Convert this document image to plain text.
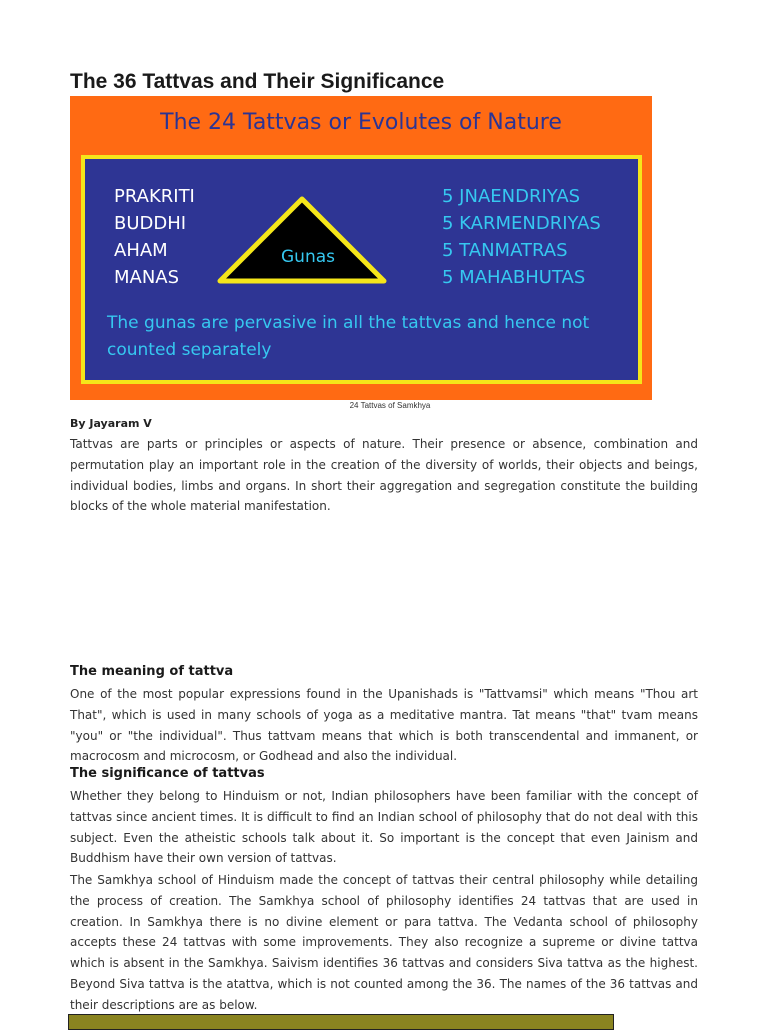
The 36 Tattvas and Their Significance
The 24 Tattvas or Evolutes of Nature
PRAKRITI
BUDDHI
AHAM
MANAS
Gunas
5 JNAENDRIYAS
5 KARMENDRIYAS
5 TANMATRAS
5 MAHABHUTAS
The gunas are pervasive in all the tattvas and hence not counted separately
24 Tattvas of Samkhya
By Jayaram V

Tattvas are parts or principles or aspects of nature. Their presence or absence, combination and permutation play an important role in the creation of the diversity of worlds, their objects and beings, individual bodies, limbs and organs. In short their aggregation and segregation constitute the building blocks of the whole material manifestation.

The meaning of tattva

One of the most popular expressions found in the Upanishads is "Tattvamsi" which means "Thou art That", which is used in many schools of yoga as a meditative mantra. Tat means "that" tvam means "you" or "the individual". Thus tattvam means that which is both transcendental and immanent, or macrocosm and microcosm, or Godhead and also the individual.

The significance of tattvas

Whether they belong to Hinduism or not, Indian philosophers have been familiar with the concept of tattvas since ancient times. It is difficult to find an Indian school of philosophy that do not deal with this subject. Even the atheistic schools talk about it. So important is the concept that even Jainism and Buddhism have their own version of tattvas.

The Samkhya school of Hinduism made the concept of tattvas their central philosophy while detailing the process of creation. The Samkhya school of philosophy identifies 24 tattvas that are used in creation. In Samkhya there is no divine element or para tattva. The Vedanta school of philosophy accepts these 24 tattvas with some improvements. They also recognize a supreme or divine tattva which is absent in the Samkhya. Saivism identifies 36 tattvas and considers Siva tattva as the highest. Beyond Siva tattva is the atattva, which is not counted among the 36. The names of the 36 tattvas and their descriptions are as below.
